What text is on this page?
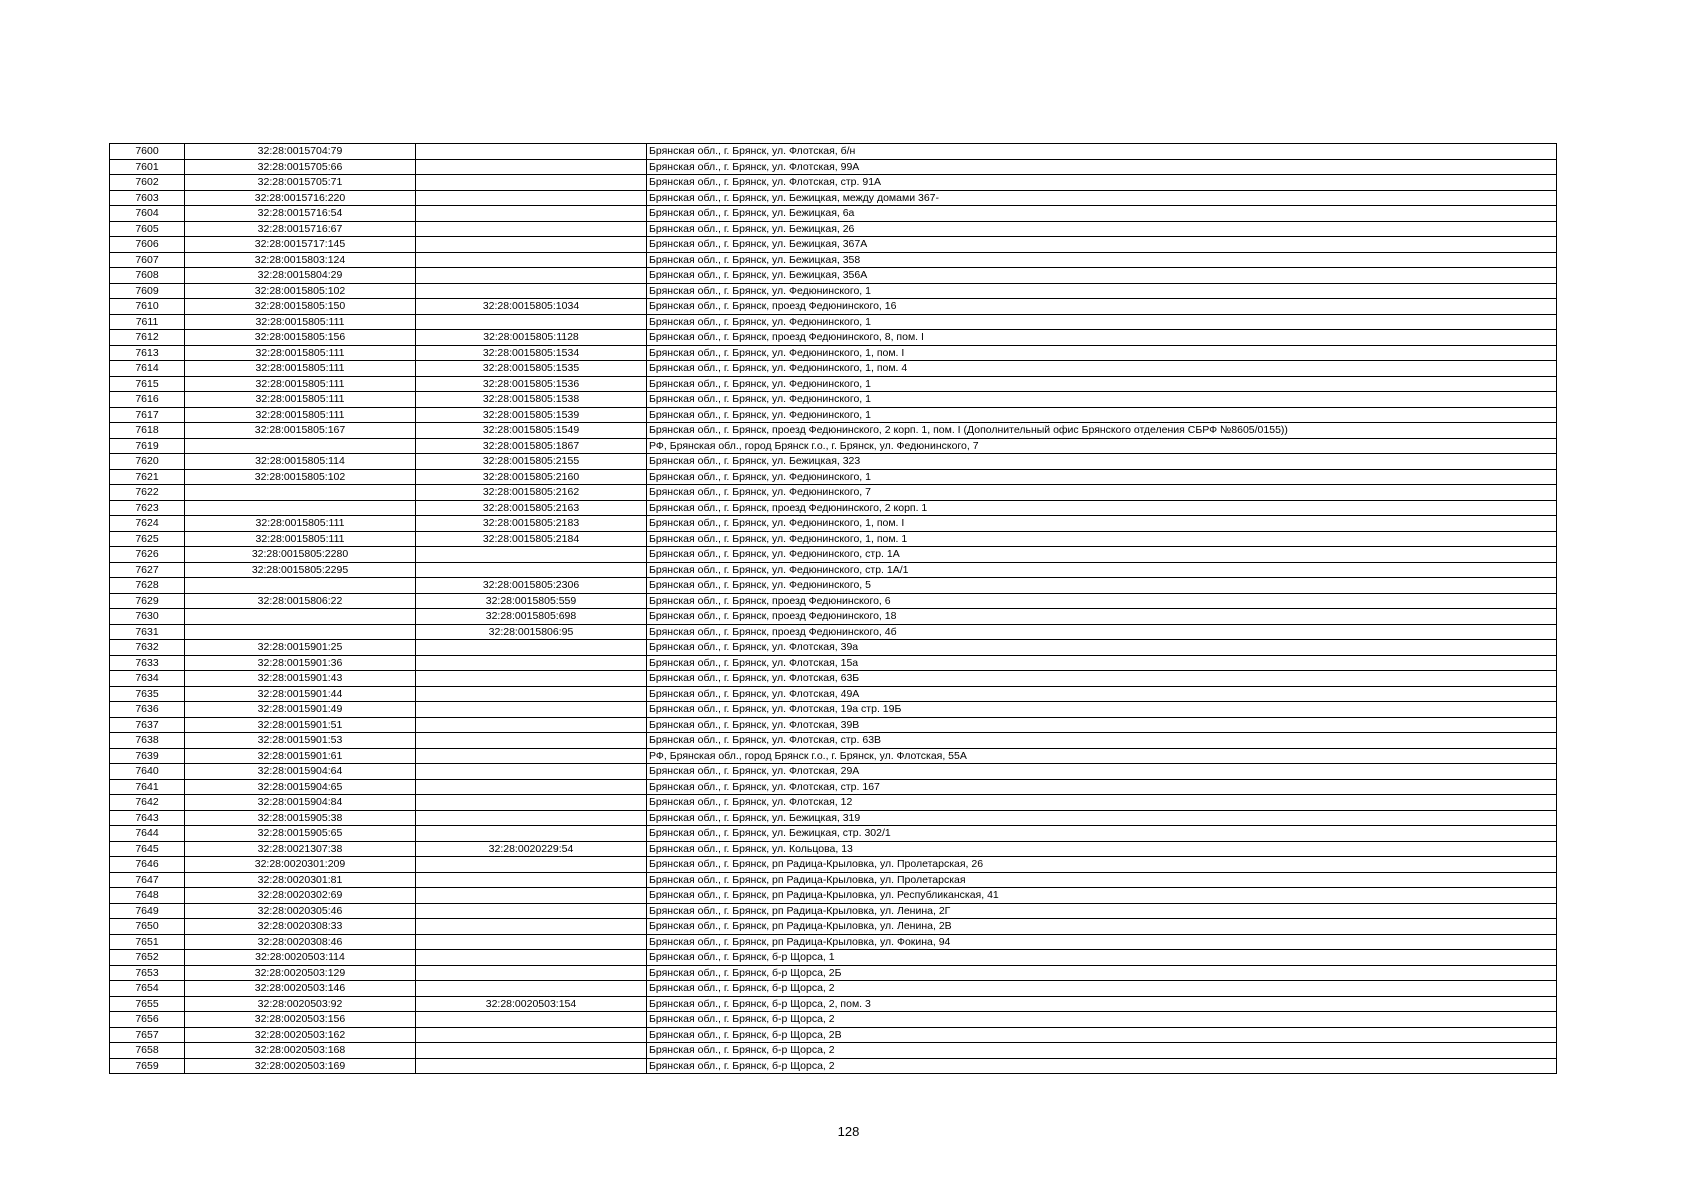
7600	32:28:0015704:79		Брянская обл., г. Брянск, ул. Флотская, б/н
7601	32:28:0015705:66		Брянская обл., г. Брянск, ул. Флотская, 99А
7602	32:28:0015705:71		Брянская обл., г. Брянск, ул. Флотская, стр. 91А
7603	32:28:0015716:220		Брянская обл., г. Брянск, ул. Бежицкая, между домами 367-
7604	32:28:0015716:54		Брянская обл., г. Брянск, ул. Бежицкая, 6а
7605	32:28:0015716:67		Брянская обл., г. Брянск, ул. Бежицкая, 26
7606	32:28:0015717:145		Брянская обл., г. Брянск, ул. Бежицкая, 367А
7607	32:28:0015803:124		Брянская обл., г. Брянск, ул. Бежицкая, 358
7608	32:28:0015804:29		Брянская обл., г. Брянск, ул. Бежицкая, 356А
7609	32:28:0015805:102		Брянская обл., г. Брянск, ул. Федюнинского, 1
7610	32:28:0015805:150	32:28:0015805:1034	Брянская обл., г. Брянск, проезд Федюнинского, 16
7611	32:28:0015805:111		Брянская обл., г. Брянск, ул. Федюнинского, 1
7612	32:28:0015805:156	32:28:0015805:1128	Брянская обл., г. Брянск, проезд Федюнинского, 8, пом. I
7613	32:28:0015805:111	32:28:0015805:1534	Брянская обл., г. Брянск, ул. Федюнинского, 1, пом. I
7614	32:28:0015805:111	32:28:0015805:1535	Брянская обл., г. Брянск, ул. Федюнинского, 1, пом. 4
7615	32:28:0015805:111	32:28:0015805:1536	Брянская обл., г. Брянск, ул. Федюнинского, 1
7616	32:28:0015805:111	32:28:0015805:1538	Брянская обл., г. Брянск, ул. Федюнинского, 1
7617	32:28:0015805:111	32:28:0015805:1539	Брянская обл., г. Брянск, ул. Федюнинского, 1
7618	32:28:0015805:167	32:28:0015805:1549	Брянская обл., г. Брянск, проезд Федюнинского, 2 корп. 1, пом. I (Дополнительный офис Брянского отделения СБРФ №8605/0155))
7619		32:28:0015805:1867	РФ, Брянская обл., город Брянск г.о., г. Брянск, ул. Федюнинского, 7
7620	32:28:0015805:114	32:28:0015805:2155	Брянская обл., г. Брянск, ул. Бежицкая, 323
7621	32:28:0015805:102	32:28:0015805:2160	Брянская обл., г. Брянск, ул. Федюнинского, 1
7622		32:28:0015805:2162	Брянская обл., г. Брянск, ул. Федюнинского, 7
7623		32:28:0015805:2163	Брянская обл., г. Брянск, проезд Федюнинского, 2 корп. 1
7624	32:28:0015805:111	32:28:0015805:2183	Брянская обл., г. Брянск, ул. Федюнинского, 1, пом. I
7625	32:28:0015805:111	32:28:0015805:2184	Брянская обл., г. Брянск, ул. Федюнинского, 1, пом. 1
7626	32:28:0015805:2280		Брянская обл., г. Брянск, ул. Федюнинского, стр. 1А
7627	32:28:0015805:2295		Брянская обл., г. Брянск, ул. Федюнинского, стр. 1А/1
7628		32:28:0015805:2306	Брянская обл., г. Брянск, ул. Федюнинского, 5
7629	32:28:0015806:22	32:28:0015805:559	Брянская обл., г. Брянск, проезд Федюнинского, 6
7630		32:28:0015805:698	Брянская обл., г. Брянск, проезд Федюнинского, 18
7631		32:28:0015806:95	Брянская обл., г. Брянск, проезд Федюнинского, 4б
7632	32:28:0015901:25		Брянская обл., г. Брянск, ул. Флотская, 39а
7633	32:28:0015901:36		Брянская обл., г. Брянск, ул. Флотская, 15а
7634	32:28:0015901:43		Брянская обл., г. Брянск, ул. Флотская, 63Б
7635	32:28:0015901:44		Брянская обл., г. Брянск, ул. Флотская, 49А
7636	32:28:0015901:49		Брянская обл., г. Брянск, ул. Флотская, 19а стр. 19Б
7637	32:28:0015901:51		Брянская обл., г. Брянск, ул. Флотская, 39В
7638	32:28:0015901:53		Брянская обл., г. Брянск, ул. Флотская, стр. 63В
7639	32:28:0015901:61		РФ, Брянская обл., город Брянск г.о., г. Брянск, ул. Флотская, 55А
7640	32:28:0015904:64		Брянская обл., г. Брянск, ул. Флотская, 29А
7641	32:28:0015904:65		Брянская обл., г. Брянск, ул. Флотская, стр. 167
7642	32:28:0015904:84		Брянская обл., г. Брянск, ул. Флотская, 12
7643	32:28:0015905:38		Брянская обл., г. Брянск, ул. Бежицкая, 319
7644	32:28:0015905:65		Брянская обл., г. Брянск, ул. Бежицкая, стр. 302/1
7645	32:28:0021307:38	32:28:0020229:54	Брянская обл., г. Брянск, ул. Кольцова, 13
7646	32:28:0020301:209		Брянская обл., г. Брянск, рп Радица-Крыловка, ул. Пролетарская, 26
7647	32:28:0020301:81		Брянская обл., г. Брянск, рп Радица-Крыловка, ул. Пролетарская
7648	32:28:0020302:69		Брянская обл., г. Брянск, рп Радица-Крыловка, ул. Республиканская, 41
7649	32:28:0020305:46		Брянская обл., г. Брянск, рп Радица-Крыловка, ул. Ленина, 2Г
7650	32:28:0020308:33		Брянская обл., г. Брянск, рп Радица-Крыловка, ул. Ленина, 2В
7651	32:28:0020308:46		Брянская обл., г. Брянск, рп Радица-Крыловка, ул. Фокина, 94
7652	32:28:0020503:114		Брянская обл., г. Брянск, б-р Щорса, 1
7653	32:28:0020503:129		Брянская обл., г. Брянск, б-р Щорса, 2Б
7654	32:28:0020503:146		Брянская обл., г. Брянск, б-р Щорса, 2
7655	32:28:0020503:92	32:28:0020503:154	Брянская обл., г. Брянск, б-р Щорса, 2, пом. 3
7656	32:28:0020503:156		Брянская обл., г. Брянск, б-р Щорса, 2
7657	32:28:0020503:162		Брянская обл., г. Брянск, б-р Щорса, 2В
7658	32:28:0020503:168		Брянская обл., г. Брянск, б-р Щорса, 2
7659	32:28:0020503:169		Брянская обл., г. Брянск, б-р Щорса, 2
128
